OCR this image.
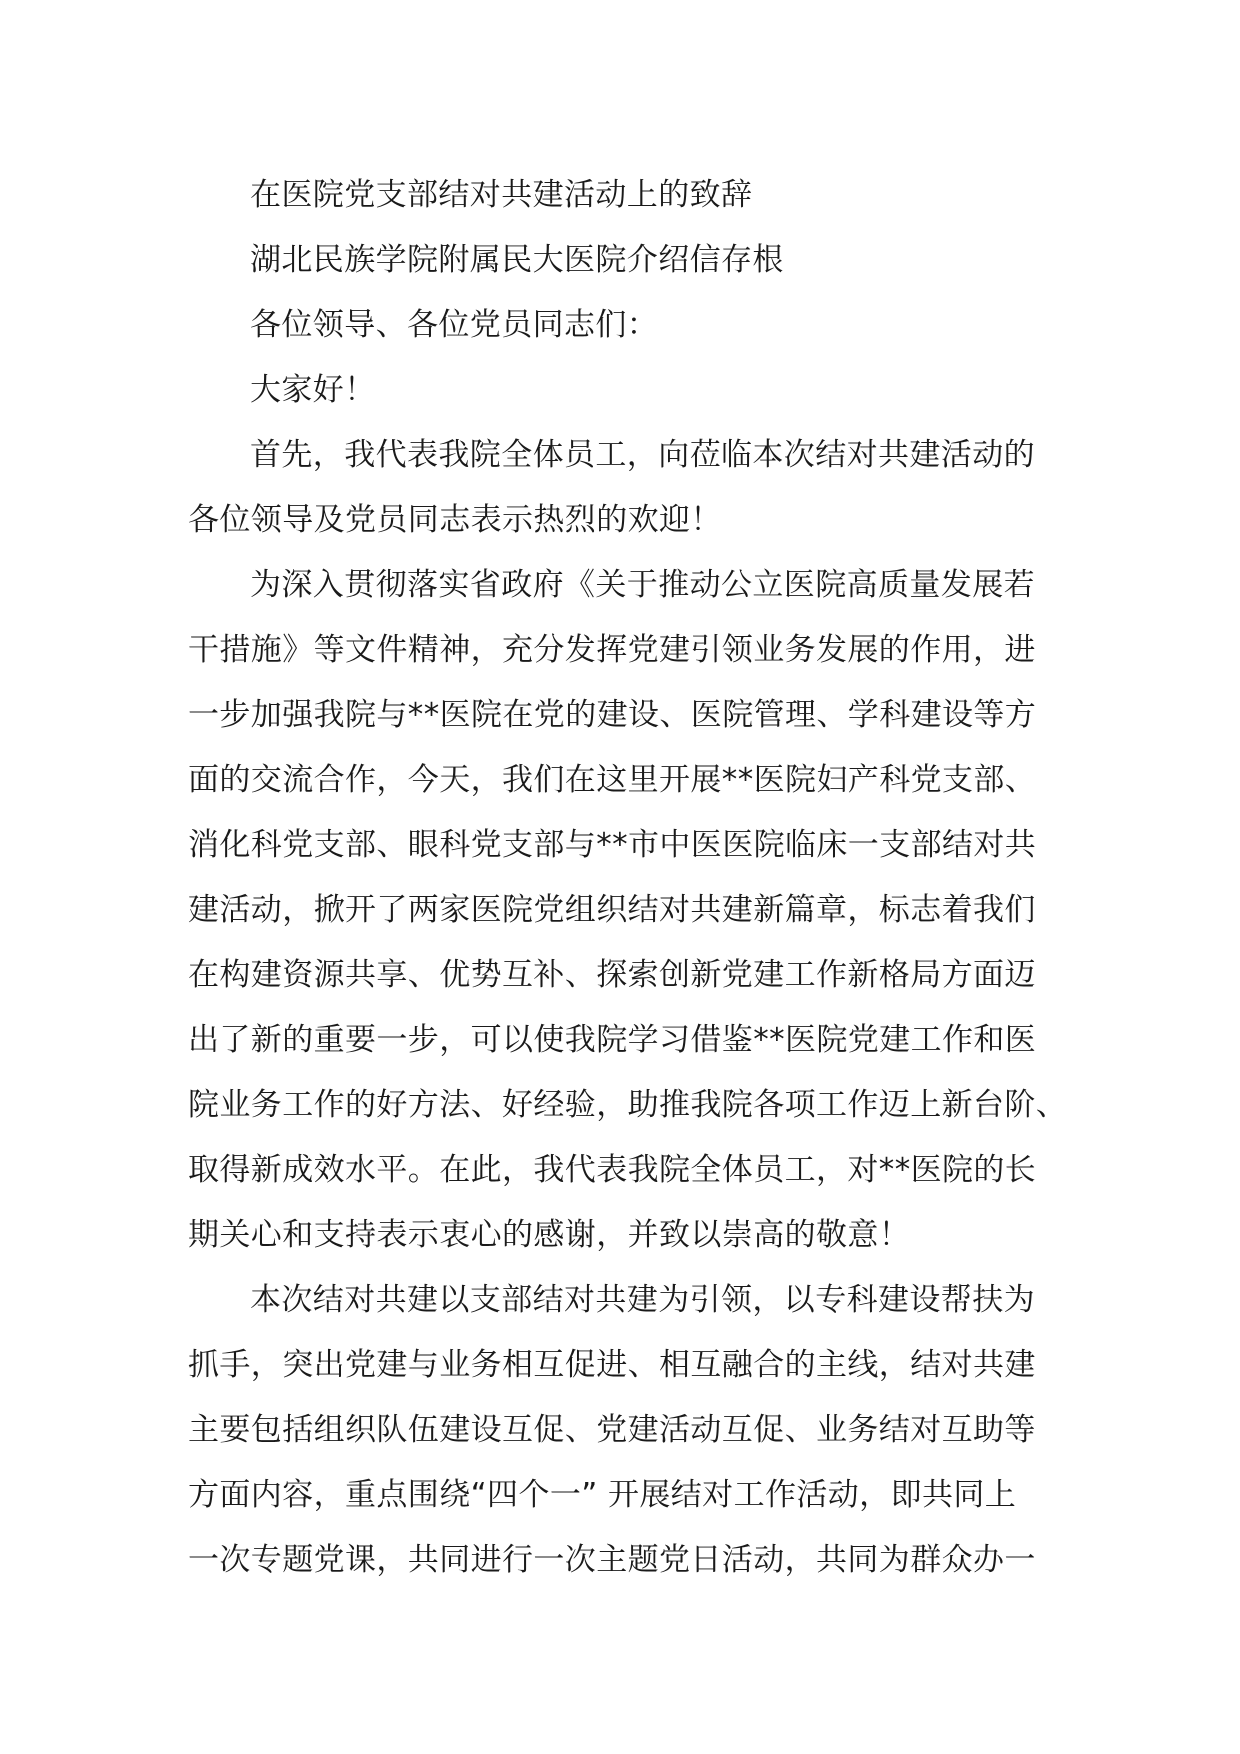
在医院党支部结对共建活动上的致辞
湖北民族学院附属民大医院介绍信存根
各位领导、各位党员同志们：
大家好！
首先，我代表我院全体员工，向莅临本次结对共建活动的
各位领导及党员同志表示热烈的欢迎！
为深入贯彻落实省政府《关于推动公立医院高质量发展若
干措施》等文件精神，充分发挥党建引领业务发展的作用，进
一步加强我院与**医院在党的建设、医院管理、学科建设等方
面的交流合作，今天，我们在这里开展**医院妇产科党支部、
消化科党支部、眼科党支部与**市中医医院临床一支部结对共
建活动，掀开了两家医院党组织结对共建新篇章，标志着我们
在构建资源共享、优势互补、探索创新党建工作新格局方面迈
出了新的重要一步，可以使我院学习借鉴**医院党建工作和医
院业务工作的好方法、好经验，助推我院各项工作迈上新台阶、
取得新成效水平。在此，我代表我院全体员工，对**医院的长
期关心和支持表示衷心的感谢，并致以崇高的敬意！
本次结对共建以支部结对共建为引领，以专科建设帮扶为
抓手，突出党建与业务相互促进、相互融合的主线，结对共建
主要包括组织队伍建设互促、党建活动互促、业务结对互助等
方面内容，重点围绕“四个一” 开展结对工作活动，即共同上
一次专题党课，共同进行一次主题党日活动，共同为群众办一
